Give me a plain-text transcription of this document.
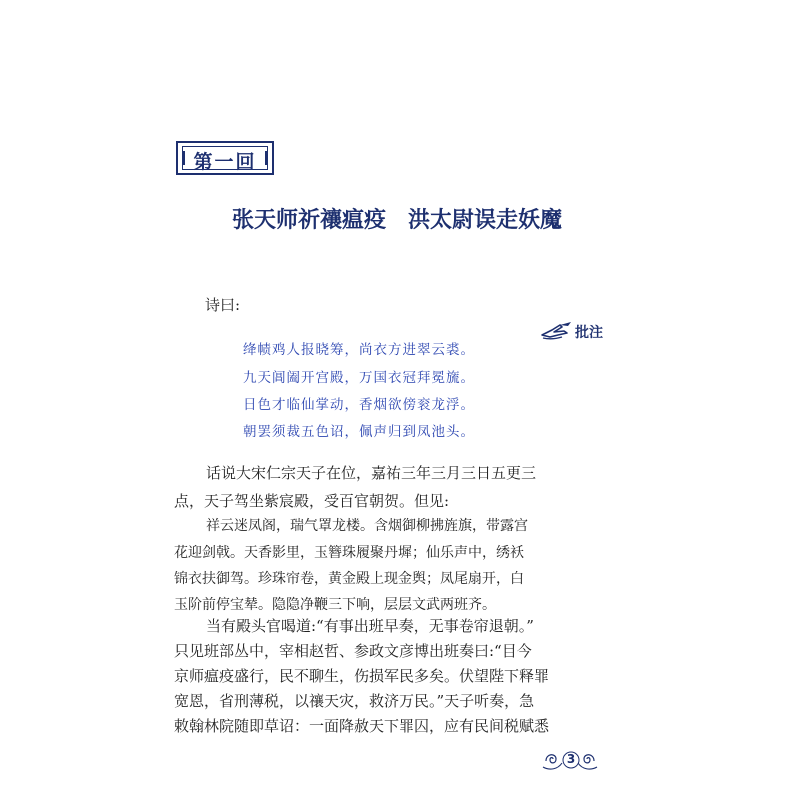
第一回
张天师祈禳瘟疫　洪太尉误走妖魔
诗曰:
批注
绛帻鸡人报晓筹，尚衣方进翠云裘。
九天阊阖开宫殿，万国衣冠拜冕旒。
日色才临仙掌动，香烟欲傍衮龙浮。
朝罢须裁五色诏，佩声归到凤池头。
话说大宋仁宗天子在位，嘉祐三年三月三日五更三
点，天子驾坐紫宸殿，受百官朝贺。但见:
祥云迷凤阁，瑞气罩龙楼。含烟御柳拂旌旗，带露宫
花迎剑戟。天香影里，玉簪珠履聚丹墀；仙乐声中，绣袄
锦衣扶御驾。珍珠帘卷，黄金殿上现金舆；凤尾扇开，白
玉阶前停宝辇。隐隐净鞭三下响，层层文武两班齐。
当有殿头官喝道:“有事出班早奏，无事卷帘退朝。”
只见班部丛中，宰相赵哲、参政文彦博出班奏曰:“目今
京师瘟疫盛行，民不聊生，伤损军民多矣。伏望陛下释罪
宽恩，省刑薄税，以禳天灾，救济万民。”天子听奏，急
敕翰林院随即草诏：一面降赦天下罪囚，应有民间税赋悉
3
